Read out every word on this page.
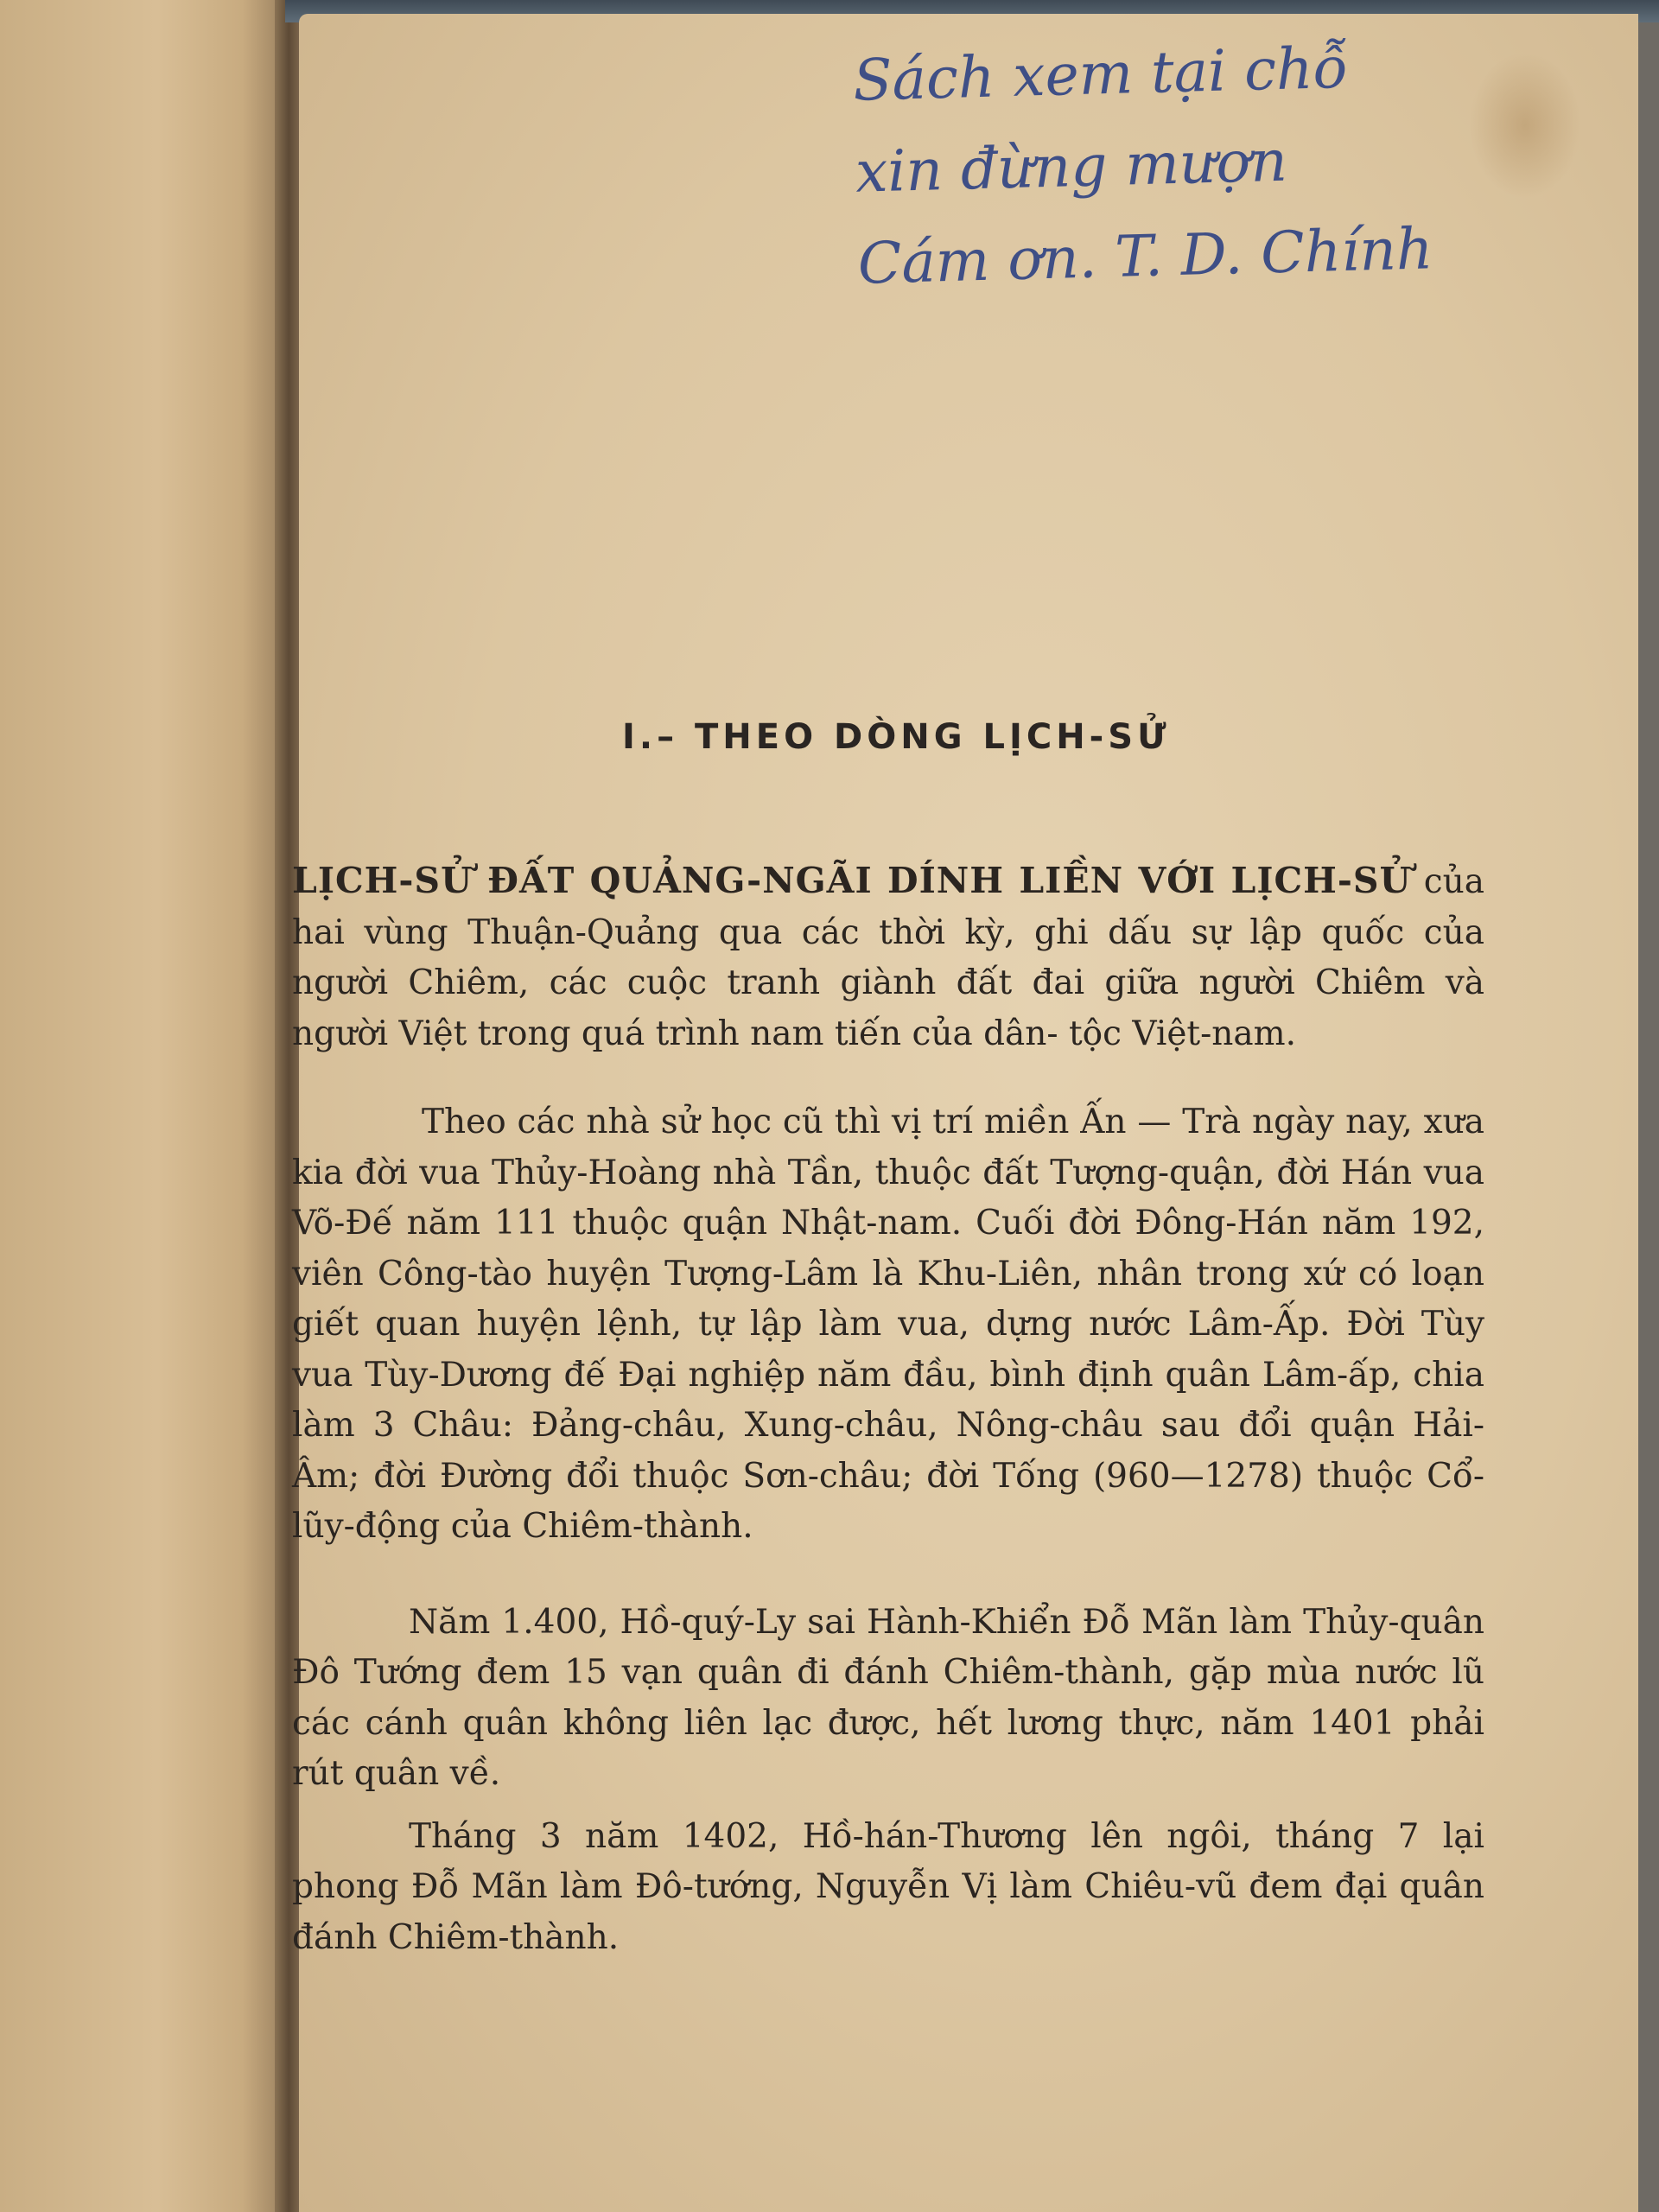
Sách xem tại chỗ
xin đừng mượn
Cám ơn. T. D. Chính
I.– THEO DÒNG LỊCH-SỬ

LỊCH-SỬ ĐẤT QUẢNG-NGÃI DÍNH LIỀN VỚI LỊCH-SỬ của hai vùng Thuận-Quảng qua các thời kỳ, ghi dấu sự lập quốc của người Chiêm, các cuộc tranh giành đất đai giữa người Chiêm và người Việt trong quá trình nam tiến của dân- tộc Việt-nam.

Theo các nhà sử học cũ thì vị trí miền Ấn — Trà ngày nay, xưa kia đời vua Thủy-Hoàng nhà Tần, thuộc đất Tượng-quận, đời Hán vua Võ-Đế năm 111 thuộc quận Nhật-nam. Cuối đời Đông-Hán năm 192, viên Công-tào huyện Tượng-Lâm là Khu-Liên, nhân trong xứ có loạn giết quan huyện lệnh, tự lập làm vua, dựng nước Lâm-Ấp. Đời Tùy vua Tùy-Dương đế Đại nghiệp năm đầu, bình định quân Lâm-ấp, chia làm 3 Châu: Đảng-châu, Xung-châu, Nông-châu sau đổi quận Hải-Âm; đời Đường đổi thuộc Sơn-châu; đời Tống (960—1278) thuộc Cổ-lũy-động của Chiêm-thành.

Năm 1.400, Hồ-quý-Ly sai Hành-Khiển Đỗ Mãn làm Thủy-quân Đô Tướng đem 15 vạn quân đi đánh Chiêm-thành, gặp mùa nước lũ các cánh quân không liên lạc được, hết lương thực, năm 1401 phải rút quân về.

Tháng 3 năm 1402, Hồ-hán-Thương lên ngôi, tháng 7 lại phong Đỗ Mãn làm Đô-tướng, Nguyễn Vị làm Chiêu-vũ đem đại quân đánh Chiêm-thành.
